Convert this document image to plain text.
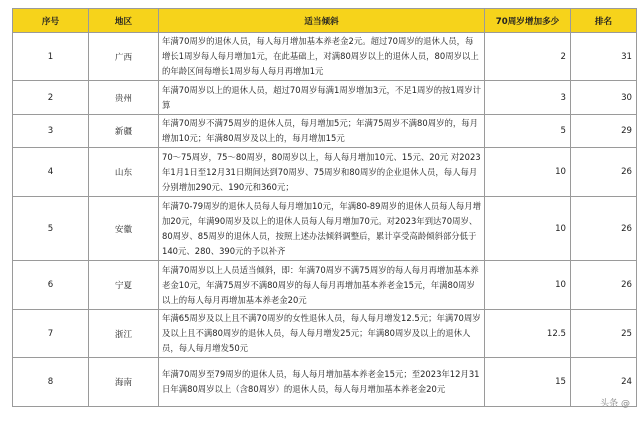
序号	地区	适当倾斜	70周岁增加多少	排名
1	广西	年满70周岁的退休人员，每人每月增加基本养老金2元。超过70周岁的退休人员，每增长1周岁每人每月增加1元，在此基础上，对满80周岁以上的退休人员，80周岁以上的年龄区间每增长1周岁每人每月再增加1元	2	31
2	贵州	年满70周岁以上的退休人员，超过70周岁每满1周岁增加3元，不足1周岁的按1周岁计算	3	30
3	新疆	年满70周岁不满75周岁的退休人员，每月增加5元；年满75周岁不满80周岁的，每月增加10元；年满80周岁及以上的，每月增加15元	5	29
4	山东	70～75周岁，75～80周岁，80周岁以上，每人每月增加10元、15元、20元 对2023年1月1日至12月31日期间达到70周岁、75周岁和80周岁的企业退休人员，每人每月分别增加290元、190元和360元；	10	26
5	安徽	年满70-79周岁的退休人员每人每月增加10元，年满80-89周岁的退休人员每人每月增加20元，年满90周岁及以上的退休人员每人每月增加70元。对2023年到达70周岁、80周岁、85周岁的退休人员，按照上述办法倾斜调整后，累计享受高龄倾斜部分低于140元、280、390元的予以补齐	10	26
6	宁夏	年满70周岁以上人员适当倾斜，即：年满70周岁不满75周岁的每人每月再增加基本养老金10元，年满75周岁不满80周岁的每人每月再增加基本养老金15元，年满80周岁以上的每人每月再增加基本养老金20元	10	26
7	浙江	年满65周岁及以上且不满70周岁的女性退休人员，每人每月增发12.5元；年满70周岁及以上且不满80周岁的退休人员，每人每月增发25元；年满80周岁及以上的退休人员，每人每月增发50元	12.5	25
8	海南	年满70周岁至79周岁的退休人员，每人每月增加基本养老金15元；至2023年12月31日年满80周岁以上（含80周岁）的退休人员，每人每月增加基本养老金20元	15	24
头条 @
